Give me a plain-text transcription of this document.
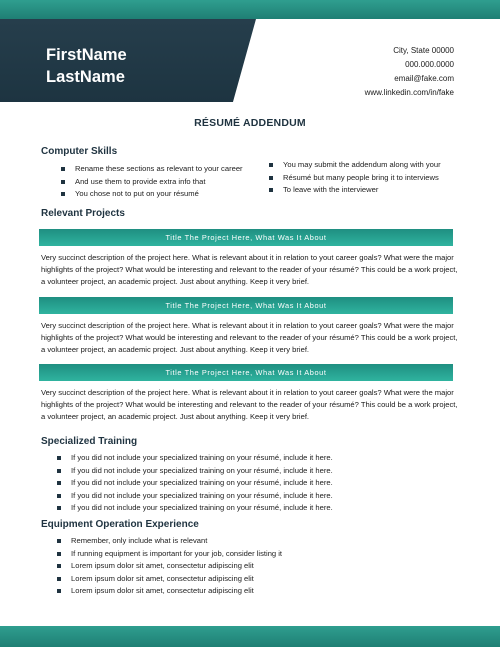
FirstName
LastName
City, State 00000
000.000.0000
email@fake.com
www.linkedin.com/in/fake
RÉSUMÉ ADDENDUM
Computer Skills
Rename these sections as relevant to your career
And use them to provide extra info that
You chose not to put on your résumé
You may submit the addendum along with your
Résumé but many people bring it to interviews
To leave with the interviewer
Relevant Projects
Title The Project Here, What Was It About
Very succinct description of the project here. What is relevant about it in relation to yout career goals? What were the major highlights of the project? What would be interesting and relevant to the reader of your résumé? This could be a work project, a volunteer project, an academic project. Just about anything. Keep it very brief.
Title The Project Here, What Was It About
Very succinct description of the project here. What is relevant about it in relation to yout career goals? What were the major highlights of the project? What would be interesting and relevant to the reader of your résumé? This could be a work project, a volunteer project, an academic project. Just about anything. Keep it very brief.
Title The Project Here, What Was It About
Very succinct description of the project here. What is relevant about it in relation to yout career goals? What were the major highlights of the project? What would be interesting and relevant to the reader of your résumé? This could be a work project, a volunteer project, an academic project. Just about anything. Keep it very brief.
Specialized Training
If you did not include your specialized training on your résumé, include it here.
If you did not include your specialized training on your résumé, include it here.
If you did not include your specialized training on your résumé, include it here.
If you did not include your specialized training on your résumé, include it here.
If you did not include your specialized training on your résumé, include it here.
Equipment Operation Experience
Remember, only include what is relevant
If running equipment is important for your job, consider listing it
Lorem ipsum dolor sit amet, consectetur adipiscing elit
Lorem ipsum dolor sit amet, consectetur adipiscing elit
Lorem ipsum dolor sit amet, consectetur adipiscing elit
